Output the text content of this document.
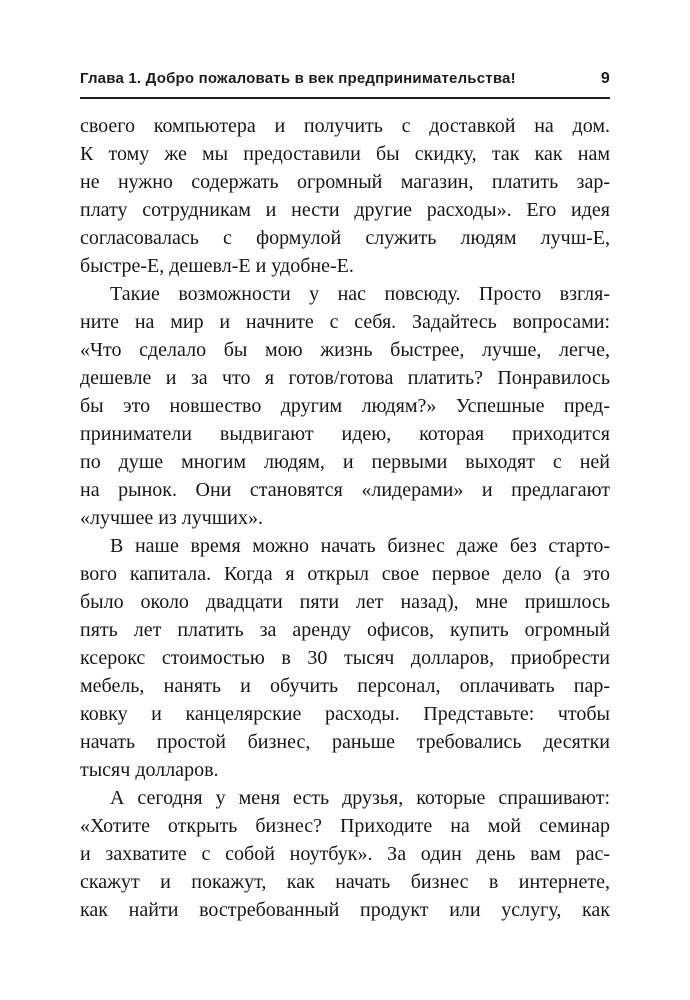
Глава 1. Добро пожаловать в век предпринимательства!	9
своего компьютера и получить с доставкой на дом.
К тому же мы предоставили бы скидку, так как нам
не нужно содержать огромный магазин, платить зар-
плату сотрудникам и нести другие расходы». Его идея
согласовалась с формулой служить людям лучш-Е,
быстре-Е, дешевл-Е и удобне-Е.
Такие возможности у нас повсюду. Просто взгля-
ните на мир и начните с себя. Задайтесь вопросами:
«Что сделало бы мою жизнь быстрее, лучше, легче,
дешевле и за что я готов/готова платить? Понравилось
бы это новшество другим людям?» Успешные пред-
приниматели выдвигают идею, которая приходится
по душе многим людям, и первыми выходят с ней
на рынок. Они становятся «лидерами» и предлагают
«лучшее из лучших».
В наше время можно начать бизнес даже без старто-
вого капитала. Когда я открыл свое первое дело (а это
было около двадцати пяти лет назад), мне пришлось
пять лет платить за аренду офисов, купить огромный
ксерокс стоимостью в 30 тысяч долларов, приобрести
мебель, нанять и обучить персонал, оплачивать пар-
ковку и канцелярские расходы. Представьте: чтобы
начать простой бизнес, раньше требовались десятки
тысяч долларов.
А сегодня у меня есть друзья, которые спрашивают:
«Хотите открыть бизнес? Приходите на мой семинар
и захватите с собой ноутбук». За один день вам рас-
скажут и покажут, как начать бизнес в интернете,
как найти востребованный продукт или услугу, как
